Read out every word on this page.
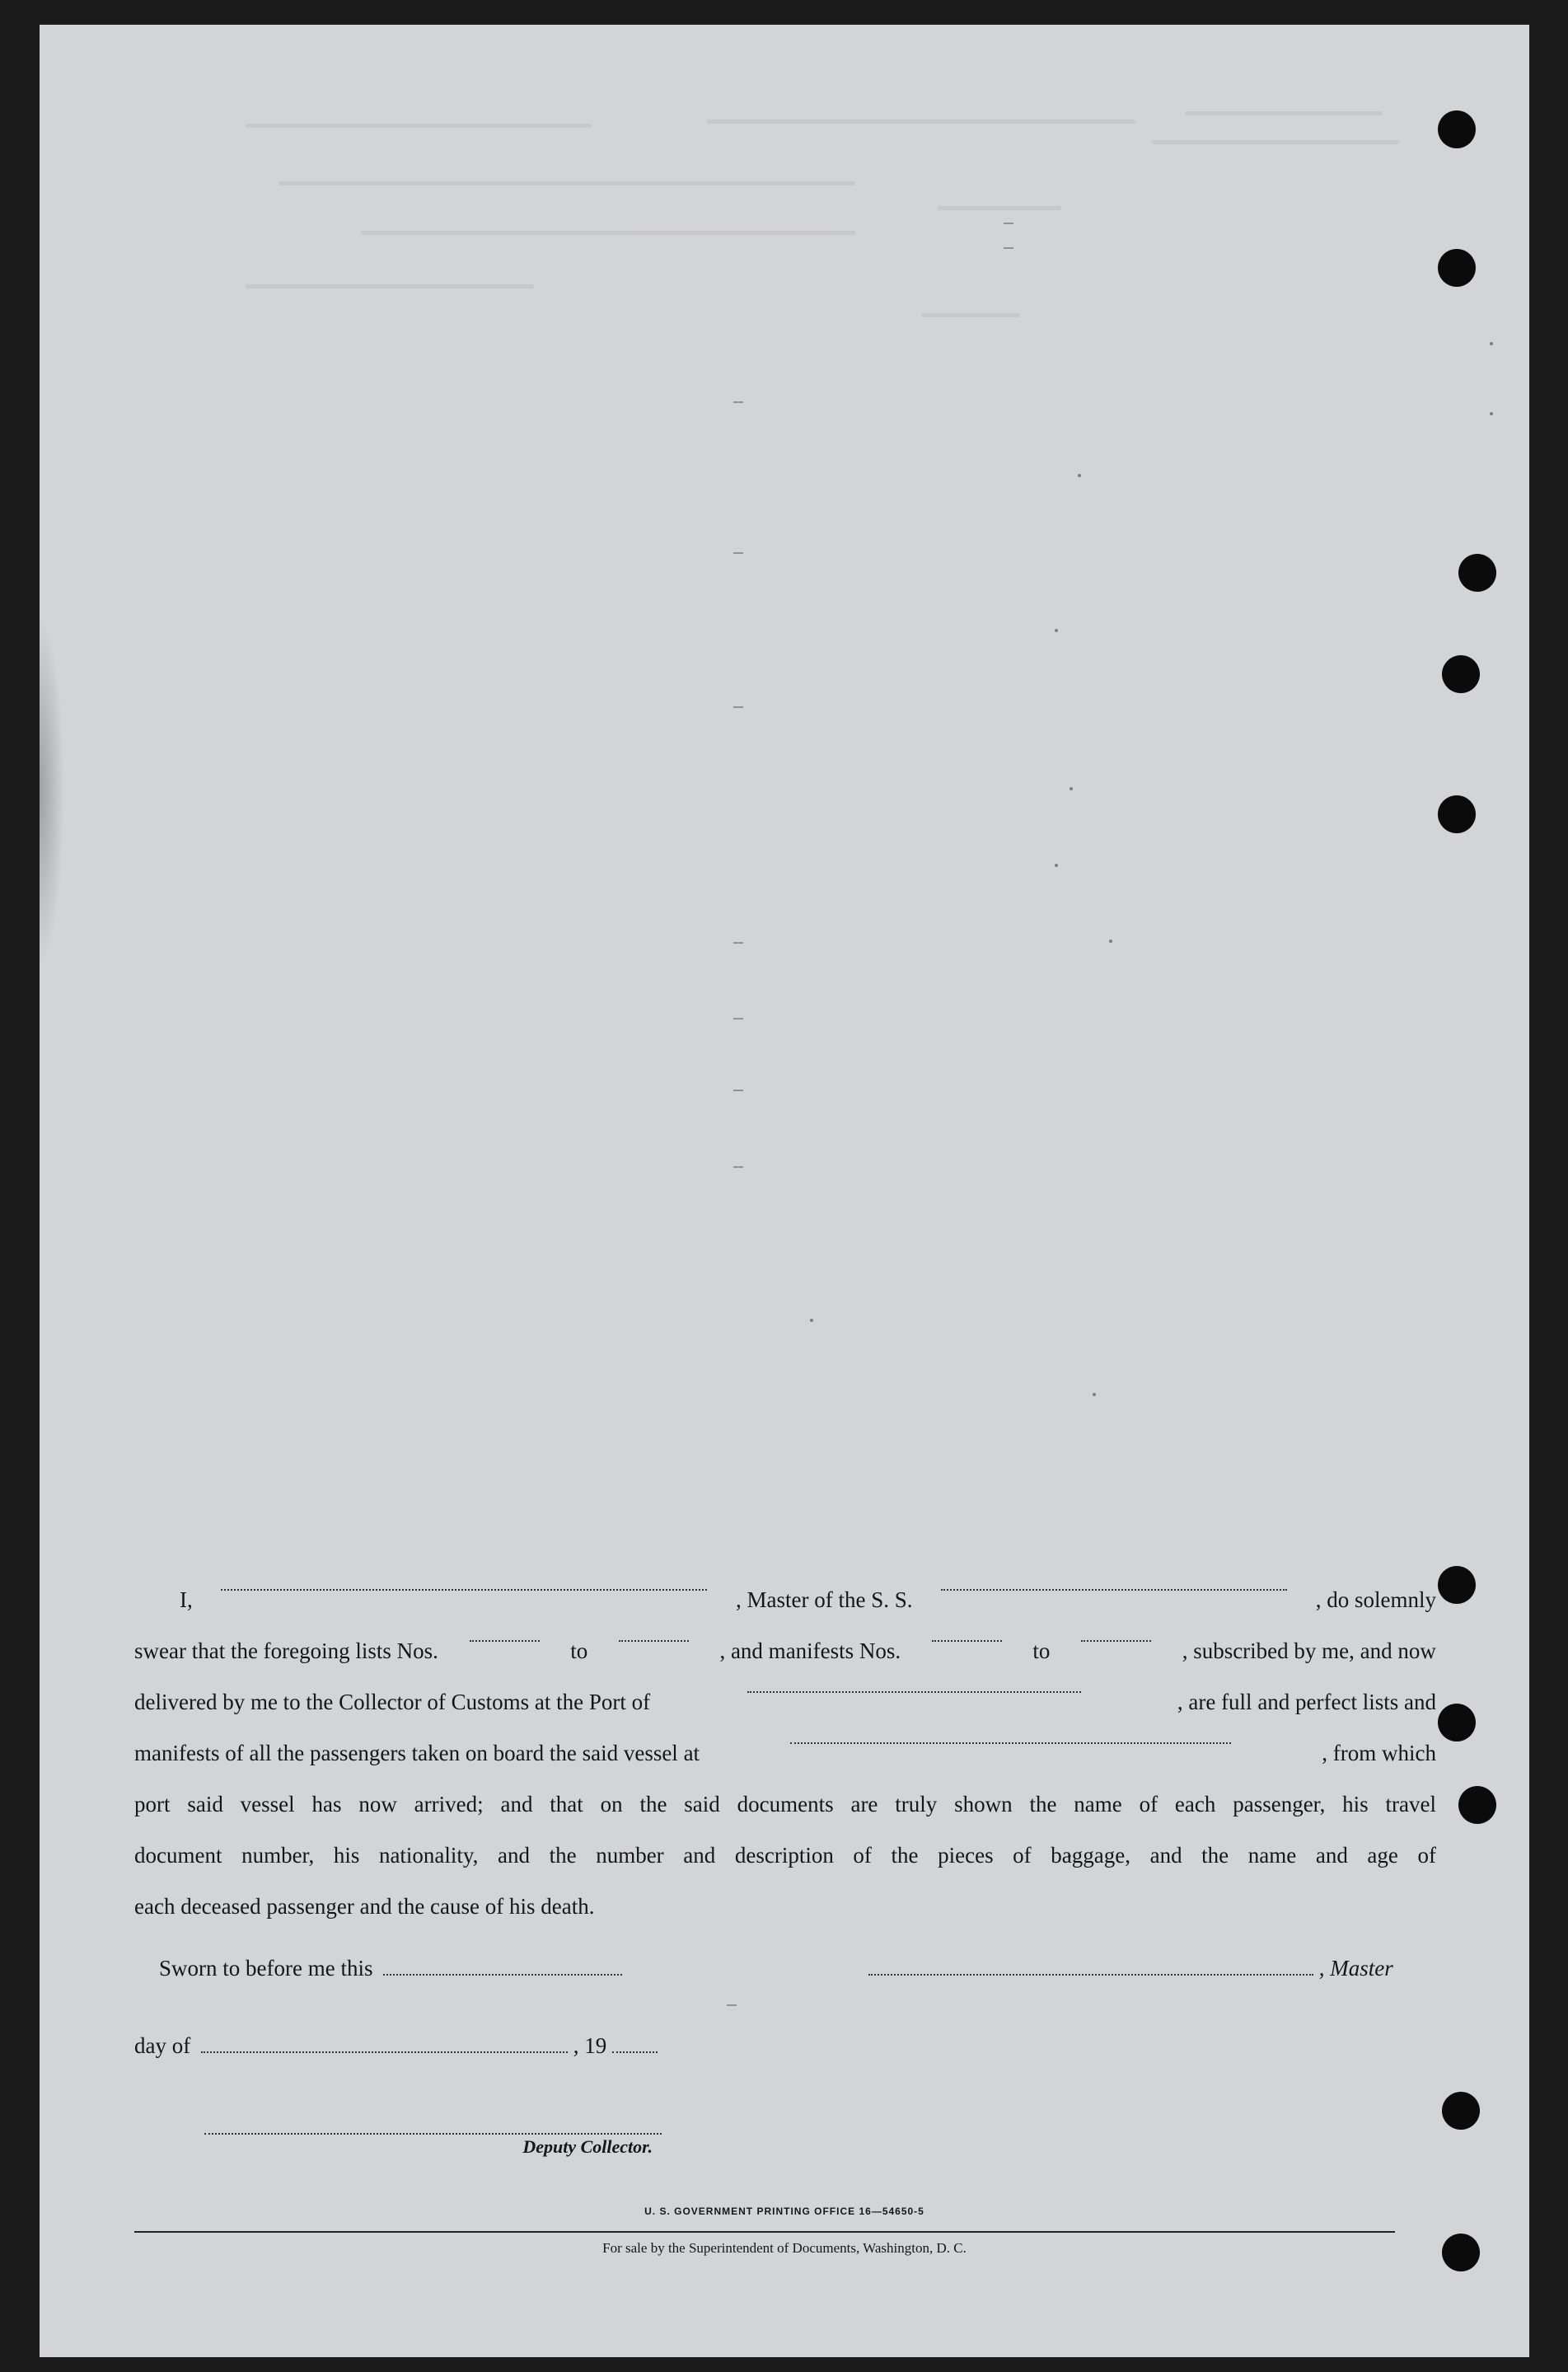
I,	, Master of the S. S.	, do solemnly
swear that the foregoing lists Nos.	to	, and manifests Nos.	to	, subscribed by me, and now
delivered by me to the Collector of Customs at the Port of	, are full and perfect lists and
manifests of all the passengers taken on board the said vessel at	, from which

port said vessel has now arrived; and that on the said documents are truly shown the name of each passenger, his travel

document number, his nationality, and the number and description of the pieces of baggage, and the name and age of

each deceased passenger and the cause of his death.

Sworn to before me this	, Master
day of	, 19
Deputy Collector.
U. S. GOVERNMENT PRINTING OFFICE 16—54650-5
For sale by the Superintendent of Documents, Washington, D. C.
